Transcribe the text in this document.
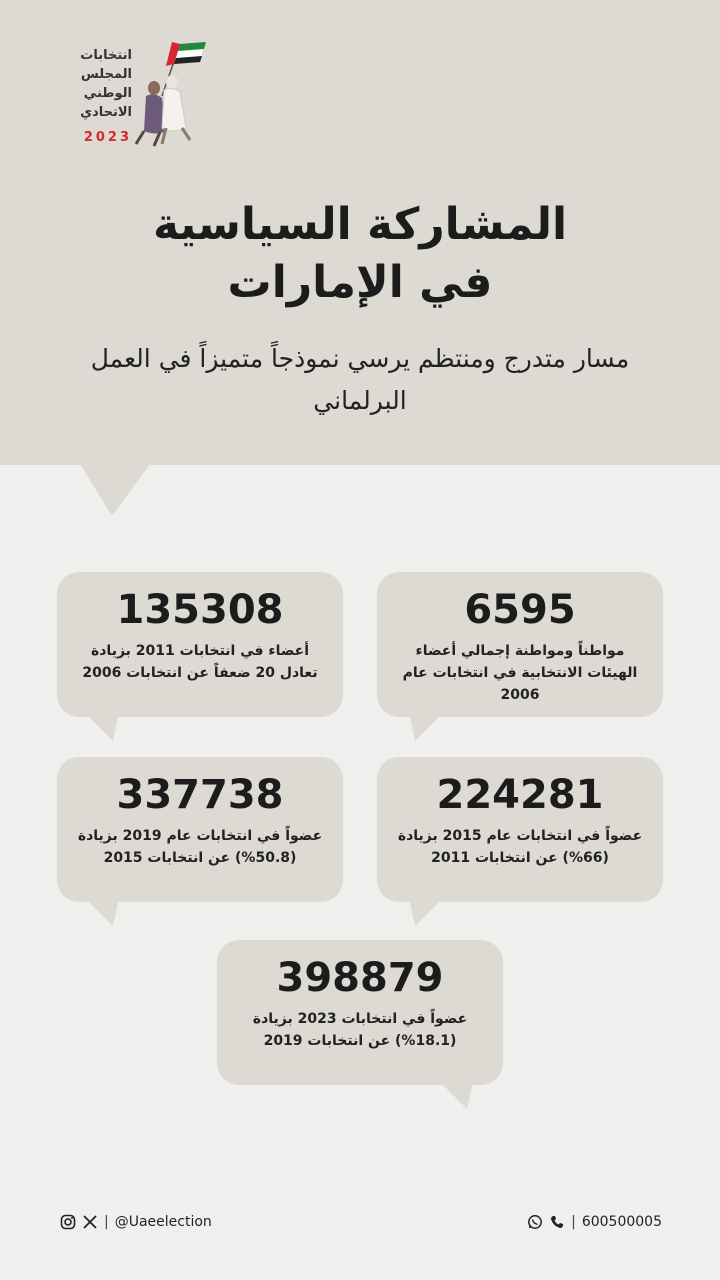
انتخابات
المجلس
الوطني
الاتحادي
2023
المشاركة السياسية
في الإمارات
مسار متدرج ومنتظم يرسي نموذجاً متميزاً في العمل البرلماني
6595
مواطناً ومواطنة إجمالي أعضاء الهيئات الانتخابية في انتخابات عام 2006
135308
أعضاء في انتخابات 2011 بزيادة تعادل 20 ضعفاً عن انتخابات 2006
224281
عضواً في انتخابات عام 2015 بزيادة (66%) عن انتخابات 2011
337738
عضواً في انتخابات عام 2019 بزيادة (50.8%) عن انتخابات 2015
398879
عضواً في انتخابات 2023 بزيادة (18.1%) عن انتخابات 2019
| @Uaeelection	| 600500005
